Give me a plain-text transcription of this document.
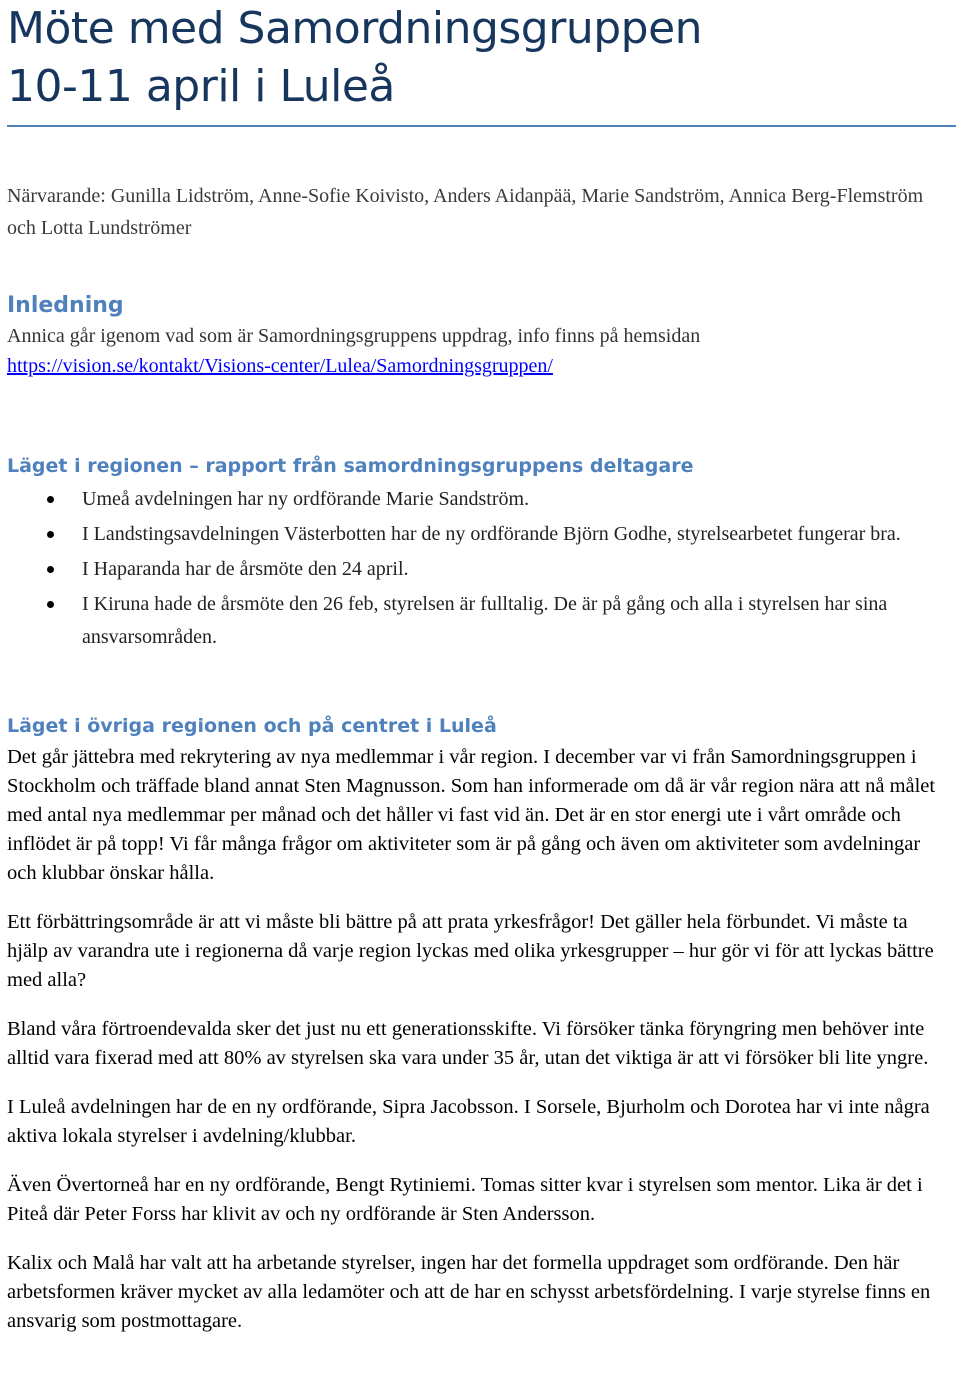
Möte med Samordningsgruppen
10-11 april i Luleå

Närvarande: Gunilla Lidström, Anne-Sofie Koivisto, Anders Aidanpää, Marie Sandström, Annica Berg-Flemström och Lotta Lundströmer

Inledning
Annica går igenom vad som är Samordningsgruppens uppdrag, info finns på hemsidan
https://vision.se/kontakt/Visions-center/Lulea/Samordningsgruppen/
Läget i regionen – rapport från samordningsgruppens deltagare
Umeå avdelningen har ny ordförande Marie Sandström.
I Landstingsavdelningen Västerbotten har de ny ordförande Björn Godhe, styrelsearbetet fungerar bra.
I Haparanda har de årsmöte den 24 april.
I Kiruna hade de årsmöte den 26 feb, styrelsen är fulltalig. De är på gång och alla i styrelsen har sina ansvarsområden.
Läget i övriga regionen och på centret i Luleå

Det går jättebra med rekrytering av nya medlemmar i vår region. I december var vi från Samordningsgruppen i Stockholm och träffade bland annat Sten Magnusson. Som han informerade om då är vår region nära att nå målet med antal nya medlemmar per månad och det håller vi fast vid än. Det är en stor energi ute i vårt område och inflödet är på topp! Vi får många frågor om aktiviteter som är på gång och även om aktiviteter som avdelningar och klubbar önskar hålla.

Ett förbättringsområde är att vi måste bli bättre på att prata yrkesfrågor! Det gäller hela förbundet. Vi måste ta hjälp av varandra ute i regionerna då varje region lyckas med olika yrkesgrupper – hur gör vi för att lyckas bättre med alla?

Bland våra förtroendevalda sker det just nu ett generationsskifte. Vi försöker tänka föryngring men behöver inte alltid vara fixerad med att 80% av styrelsen ska vara under 35 år, utan det viktiga är att vi försöker bli lite yngre.

I Luleå avdelningen har de en ny ordförande, Sipra Jacobsson. I Sorsele, Bjurholm och Dorotea har vi inte några aktiva lokala styrelser i avdelning/klubbar.

Även Övertorneå har en ny ordförande, Bengt Rytiniemi. Tomas sitter kvar i styrelsen som mentor. Lika är det i Piteå där Peter Forss har klivit av och ny ordförande är Sten Andersson.

Kalix och Malå har valt att ha arbetande styrelser, ingen har det formella uppdraget som ordförande. Den här arbetsformen kräver mycket av alla ledamöter och att de har en schysst arbetsfördelning. I varje styrelse finns en ansvarig som postmottagare.
